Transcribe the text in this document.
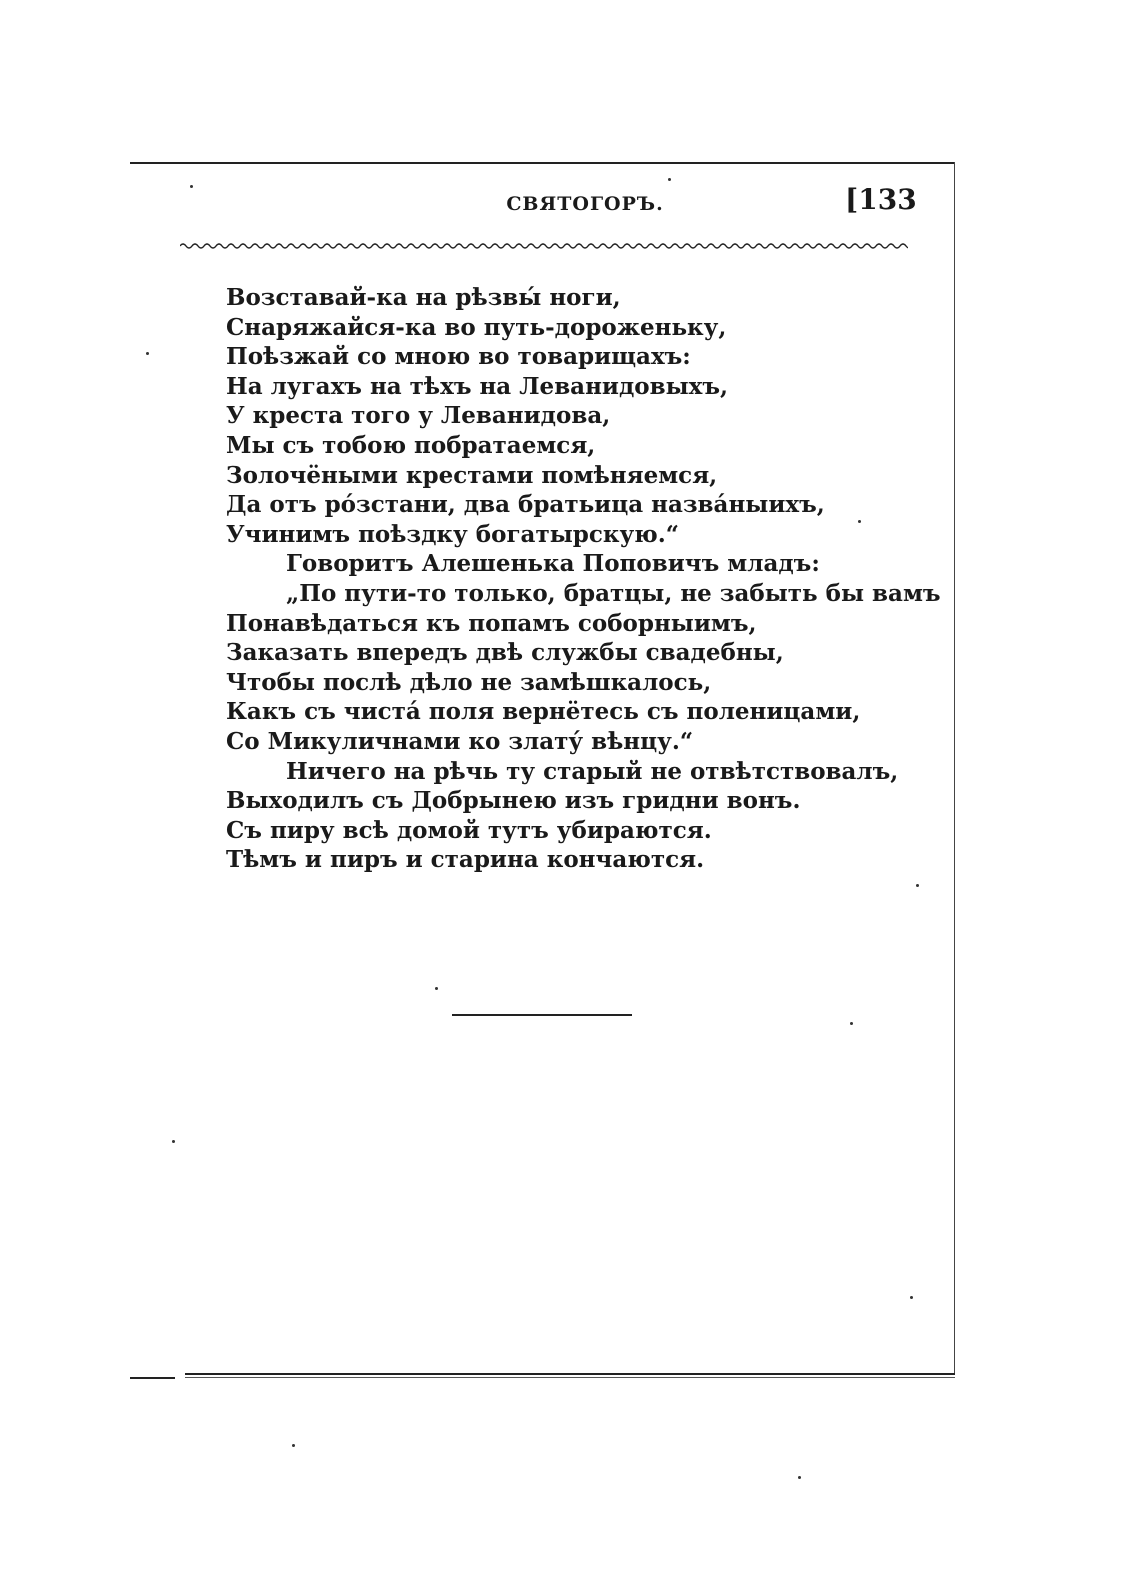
СВЯТОГОРЪ.	[133
Возставай-ка на рѣзвы́ ноги,
Снаряжайся-ка во путь-дороженьку,
Поѣзжай со мною во товарищахъ:
На лугахъ на тѣхъ на Леванидовыхъ,
У креста того у Леванидова,
Мы съ тобою побратаемся,
Золочёными крестами помѣняемся,
Да отъ ро́зстани, два братьица назва́ныихъ,
Учинимъ поѣздку богатырскую.“
Говоритъ Алешенька Поповичъ младъ:
„По пути-то только, братцы, не забыть бы вамъ
Понавѣдаться къ попамъ соборныимъ,
Заказать впередъ двѣ службы свадебны,
Чтобы послѣ дѣло не замѣшкалось,
Какъ съ чиста́ поля вернётесь съ поленицами,
Со Микуличнами ко злату́ вѣнцу.“
Ничего на рѣчь ту старый не отвѣтствовалъ,
Выходилъ съ Добрынею изъ гридни вонъ.
Съ пиру всѣ домой тутъ убираются.
Тѣмъ и пиръ и старина кончаются.
